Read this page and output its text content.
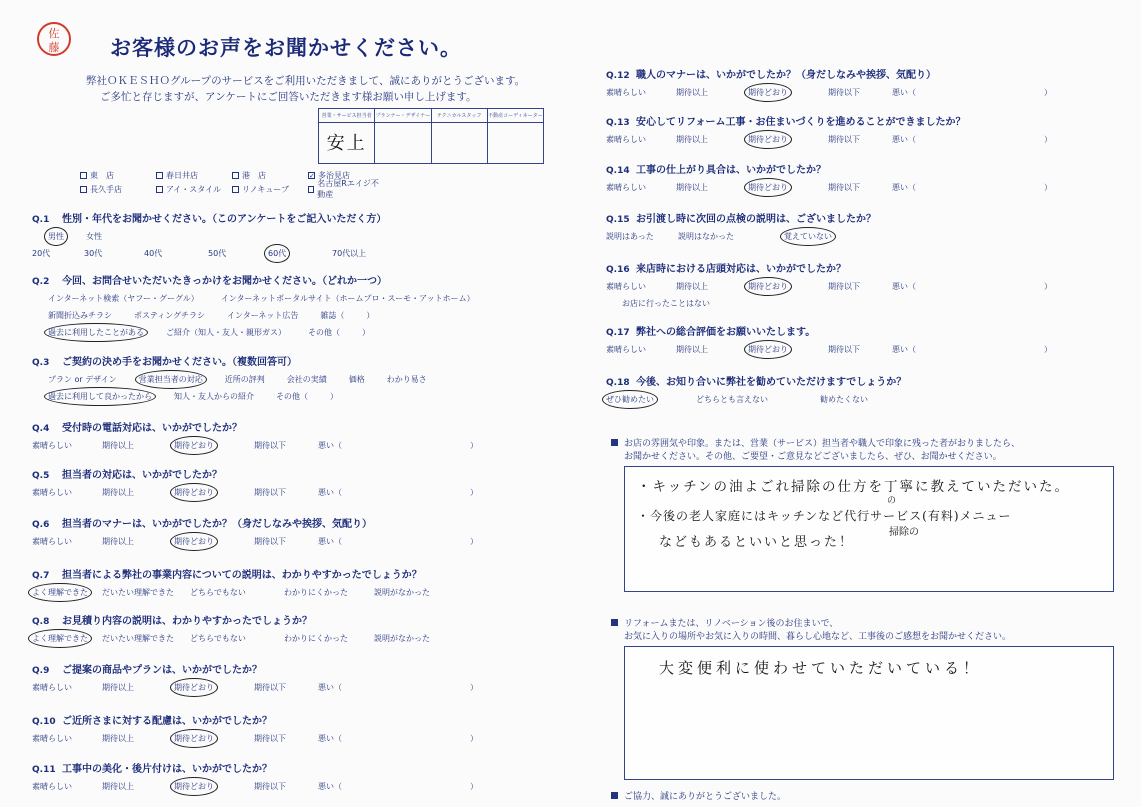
佐
藤	お客様のお声をお聞かせください。
弊社ＯＫＥＳＨＯグループのサービスをご利用いただきまして、誠にありがとうございます。
ご多忙と存じますが、アンケートにご回答いただきます様お願い申し上げます。
営業・サービス担当者	プランナー・デザイナー	テクニカルスタッフ	不動産コーディネーター

安上			

東　店	春日井店	港　店	✓ 多治見店
長久手店	アイ・スタイル	リノキューブ
名古屋Rエイジ不動産
Q.1 性別・年代をお聞かせください。（このアンケートをご記入いただく方）
男性	女性
20代	30代	40代	50代	60代	70代以上
Q.2 今回、お問合せいただいたきっかけをお聞かせください。（どれか一つ）
インターネット検索（ヤフー・グーグル）	インターネットポータルサイト（ホームプロ・スーモ・アットホーム）
新聞折込みチラシ	ポスティングチラシ	インターネット広告	雑誌（	）
過去に利用したことがある	ご紹介（知人・友人・親形ガス）	その他（	）
Q.3 ご契約の決め手をお聞かせください。（複数回答可）
プラン or デザイン	営業担当者の対応	近所の評判	会社の実績	価格	わかり易さ
過去に利用して良かったから	知人・友人からの紹介	その他（	）
Q.4 受付時の電話対応は、いかがでしたか？
素晴らしい	期待以上	期待どおり	期待以下	悪い（	）
Q.5 担当者の対応は、いかがでしたか？
素晴らしい	期待以上	期待どおり	期待以下	悪い（	）
Q.6 担当者のマナーは、いかがでしたか？（身だしなみや挨拶、気配り）
素晴らしい	期待以上	期待どおり	期待以下	悪い（	）
Q.7 担当者による弊社の事業内容についての説明は、わかりやすかったでしょうか？
よく理解できた だいたい理解できた どちらでもない	わかりにくかった	説明がなかった
Q.8 お見積り内容の説明は、わかりやすかったでしょうか？
よく理解できた だいたい理解できた どちらでもない	わかりにくかった	説明がなかった
Q.9 ご提案の商品やプランは、いかがでしたか？
素晴らしい	期待以上	期待どおり	期待以下	悪い（	）
Q.10 ご近所さまに対する配慮は、いかがでしたか？
素晴らしい	期待以上	期待どおり	期待以下	悪い（	）
Q.11 工事中の美化・後片付けは、いかがでしたか？
素晴らしい	期待以上	期待どおり	期待以下	悪い（	）
Q.12 職人のマナーは、いかがでしたか？（身だしなみや挨拶、気配り）
素晴らしい	期待以上	期待どおり	期待以下	悪い（	）
Q.13 安心してリフォーム工事・お住まいづくりを進めることができましたか？
素晴らしい	期待以上	期待どおり	期待以下	悪い（	）
Q.14 工事の仕上がり具合は、いかがでしたか？
素晴らしい	期待以上	期待どおり	期待以下	悪い（	）
Q.15 お引渡し時に次回の点検の説明は、ございましたか？
説明はあった	説明はなかった	覚えていない
Q.16 来店時における店頭対応は、いかがでしたか？
素晴らしい	期待以上	期待どおり	期待以下	悪い（	）
お店に行ったことはない
Q.17 弊社への総合評価をお願いいたします。
素晴らしい	期待以上	期待どおり	期待以下	悪い（	）
Q.18 今後、お知り合いに弊社を勧めていただけますでしょうか？
ぜひ勧めたい	どちらとも言えない	勧めたくない
お店の雰囲気や印象。または、営業（サービス）担当者や職人で印象に残った者がおりましたら、
お聞かせください。その他、ご要望・ご意見などございましたら、ぜひ、お聞かせください。
・キッチンの油よごれ掃除の仕方を丁寧に教えていただいた。
・今後の老人家庭にはキッチンなど代行サービス(有料)メニュー
の
などもあるといいと思った！
掃除の
リフォームまたは、リノベーション後のお住まいで、
お気に入りの場所やお気に入りの時間、暮らし心地など、工事後のご感想をお聞かせください。
大変便利に使わせていただいている！
ご協力、誠にありがとうございました。
